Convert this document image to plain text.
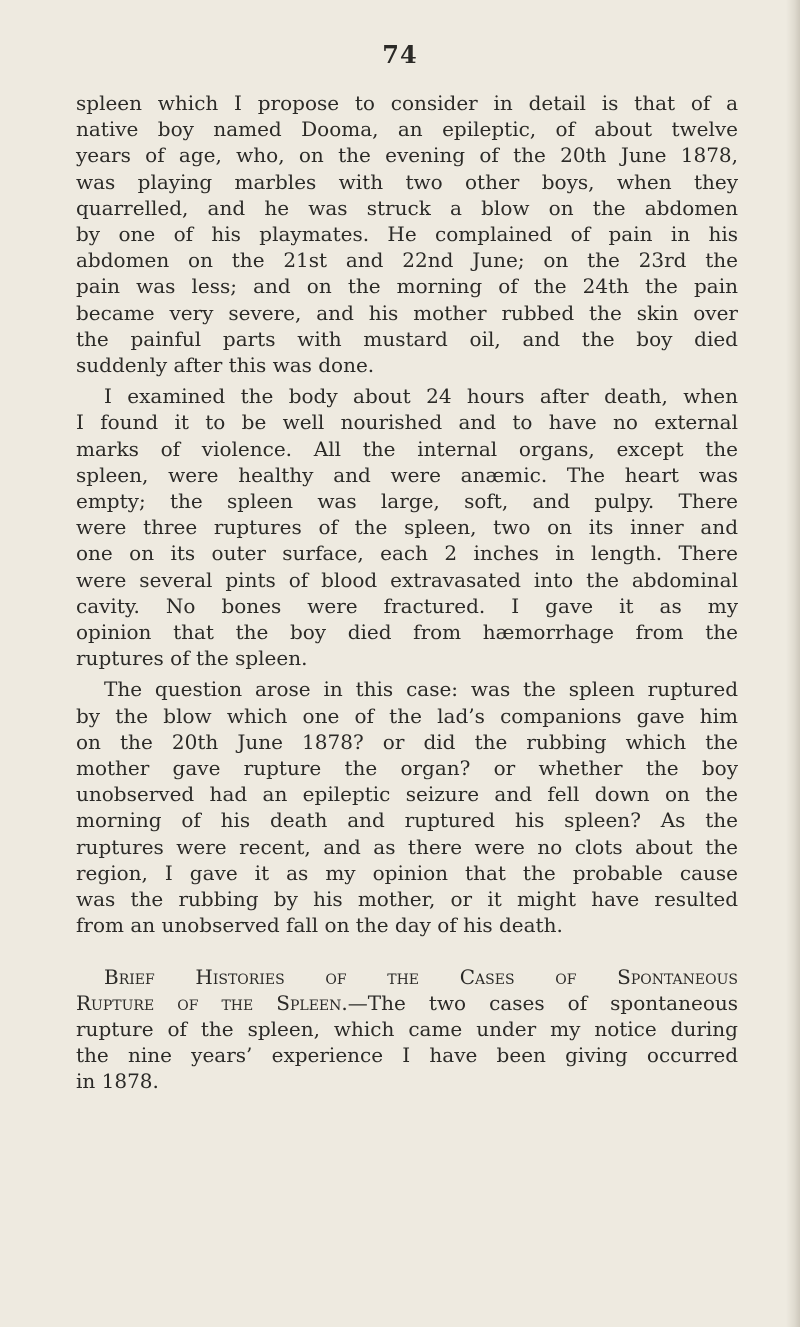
74

spleen which I propose to consider in detail is that of a
native boy named Dooma, an epileptic, of about twelve
years of age, who, on the evening of the 20th June 1878,
was playing marbles with two other boys, when they
quarrelled, and he was struck a blow on the abdomen
by one of his playmates. He complained of pain in his
abdomen on the 21st and 22nd June; on the 23rd the
pain was less; and on the morning of the 24th the pain
became very severe, and his mother rubbed the skin over
the painful parts with mustard oil, and the boy died
suddenly after this was done.

I examined the body about 24 hours after death, when
I found it to be well nourished and to have no external
marks of violence. All the internal organs, except the
spleen, were healthy and were anæmic. The heart was
empty; the spleen was large, soft, and pulpy. There
were three ruptures of the spleen, two on its inner and
one on its outer surface, each 2 inches in length. There
were several pints of blood extravasated into the abdominal
cavity. No bones were fractured. I gave it as my
opinion that the boy died from hæmorrhage from the
ruptures of the spleen.

The question arose in this case: was the spleen ruptured
by the blow which one of the lad’s companions gave him
on the 20th June 1878? or did the rubbing which the
mother gave rupture the organ? or whether the boy
unobserved had an epileptic seizure and fell down on the
morning of his death and ruptured his spleen? As the
ruptures were recent, and as there were no clots about the
region, I gave it as my opinion that the probable cause
was the rubbing by his mother, or it might have resulted
from an unobserved fall on the day of his death.

Brief Histories of the Cases of Spontaneous
Rupture of the Spleen.—The two cases of spontaneous
rupture of the spleen, which came under my notice during
the nine years’ experience I have been giving occurred
in 1878.
